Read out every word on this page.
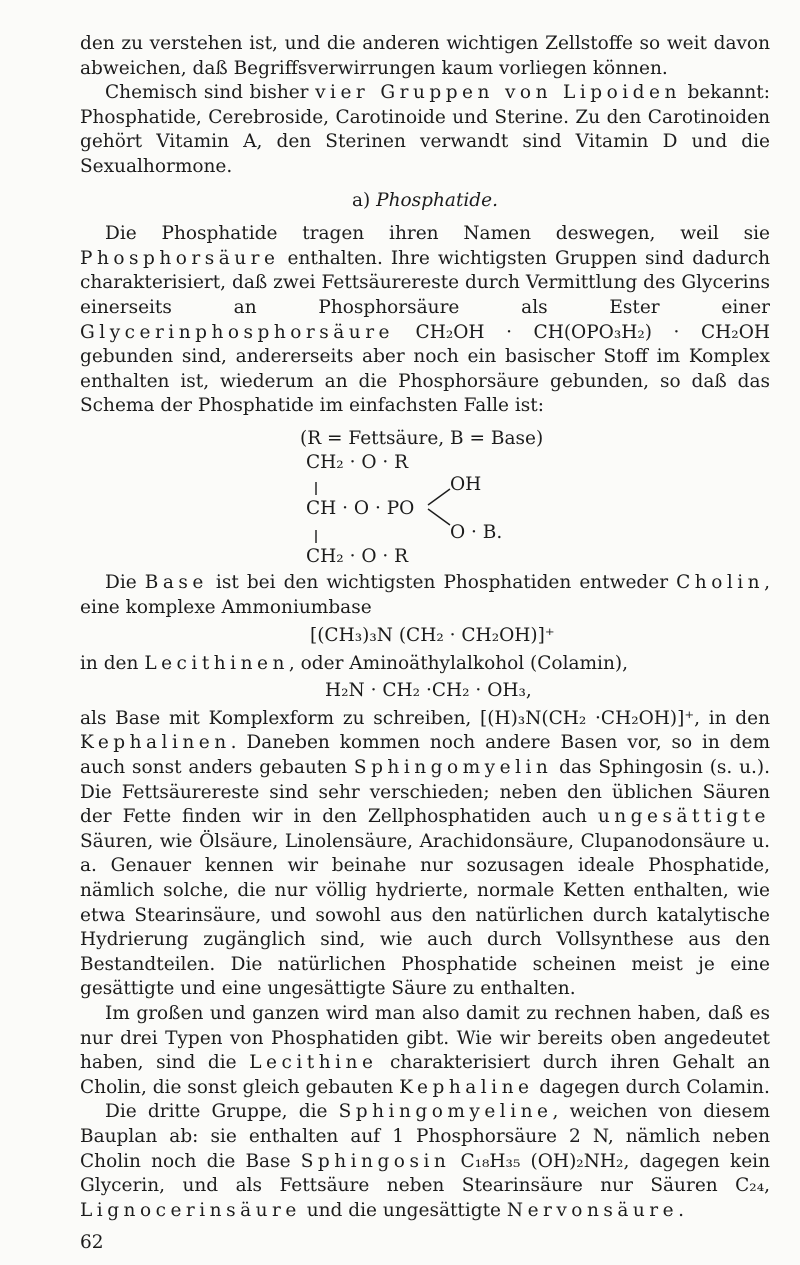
den zu verstehen ist, und die anderen wichtigen Zellstoffe so weit davon abweichen, daß Begriffsverwirrungen kaum vorliegen können.

Chemisch sind bisher vier Gruppen von Lipoiden bekannt: Phosphatide, Cerebroside, Carotinoide und Sterine. Zu den Carotinoiden gehört Vitamin A, den Sterinen verwandt sind Vitamin D und die Sexualhormone.

a) Phosphatide.

Die Phosphatide tragen ihren Namen deswegen, weil sie Phosphorsäure enthalten. Ihre wichtigsten Gruppen sind dadurch charakterisiert, daß zwei Fettsäurereste durch Vermittlung des Glycerins einerseits an Phosphorsäure als Ester einer Glycerinphosphorsäure CH₂OH · CH(OPO₃H₂) · CH₂OH gebunden sind, andererseits aber noch ein basischer Stoff im Komplex enthalten ist, wiederum an die Phosphorsäure gebunden, so daß das Schema der Phosphatide im einfachsten Falle ist:

(R = Fettsäure, B = Base)
CH₂ · O · R
OH
CH · O · PO
O · B.
CH₂ · O · R

Die Base ist bei den wichtigsten Phosphatiden entweder Cholin, eine komplexe Ammoniumbase

[(CH₃)₃N (CH₂ · CH₂OH)]⁺

in den Lecithinen, oder Aminoäthylalkohol (Colamin),

H₂N · CH₂ ·CH₂ · OH₃,

als Base mit Komplexform zu schreiben, [(H)₃N(CH₂ ·CH₂OH)]⁺, in den Kephalinen. Daneben kommen noch andere Basen vor, so in dem auch sonst anders gebauten Sphingomyelin das Sphingosin (s. u.). Die Fettsäurereste sind sehr verschieden; neben den üblichen Säuren der Fette finden wir in den Zellphosphatiden auch ungesättigte Säuren, wie Ölsäure, Linolensäure, Arachidonsäure, Clupanodonsäure u. a. Genauer kennen wir beinahe nur sozusagen ideale Phosphatide, nämlich solche, die nur völlig hydrierte, normale Ketten enthalten, wie etwa Stearinsäure, und sowohl aus den natürlichen durch katalytische Hydrierung zugänglich sind, wie auch durch Vollsynthese aus den Bestandteilen. Die natürlichen Phosphatide scheinen meist je eine gesättigte und eine ungesättigte Säure zu enthalten.

Im großen und ganzen wird man also damit zu rechnen haben, daß es nur drei Typen von Phosphatiden gibt. Wie wir bereits oben angedeutet haben, sind die Lecithine charakterisiert durch ihren Gehalt an Cholin, die sonst gleich gebauten Kephaline dagegen durch Colamin.

Die dritte Gruppe, die Sphingomyeline, weichen von diesem Bauplan ab: sie enthalten auf 1 Phosphorsäure 2 N, nämlich neben Cholin noch die Base Sphingosin C₁₈H₃₅ (OH)₂NH₂, dagegen kein Glycerin, und als Fettsäure neben Stearinsäure nur Säuren C₂₄, Lignocerinsäure und die ungesättigte Nervonsäure.

62
